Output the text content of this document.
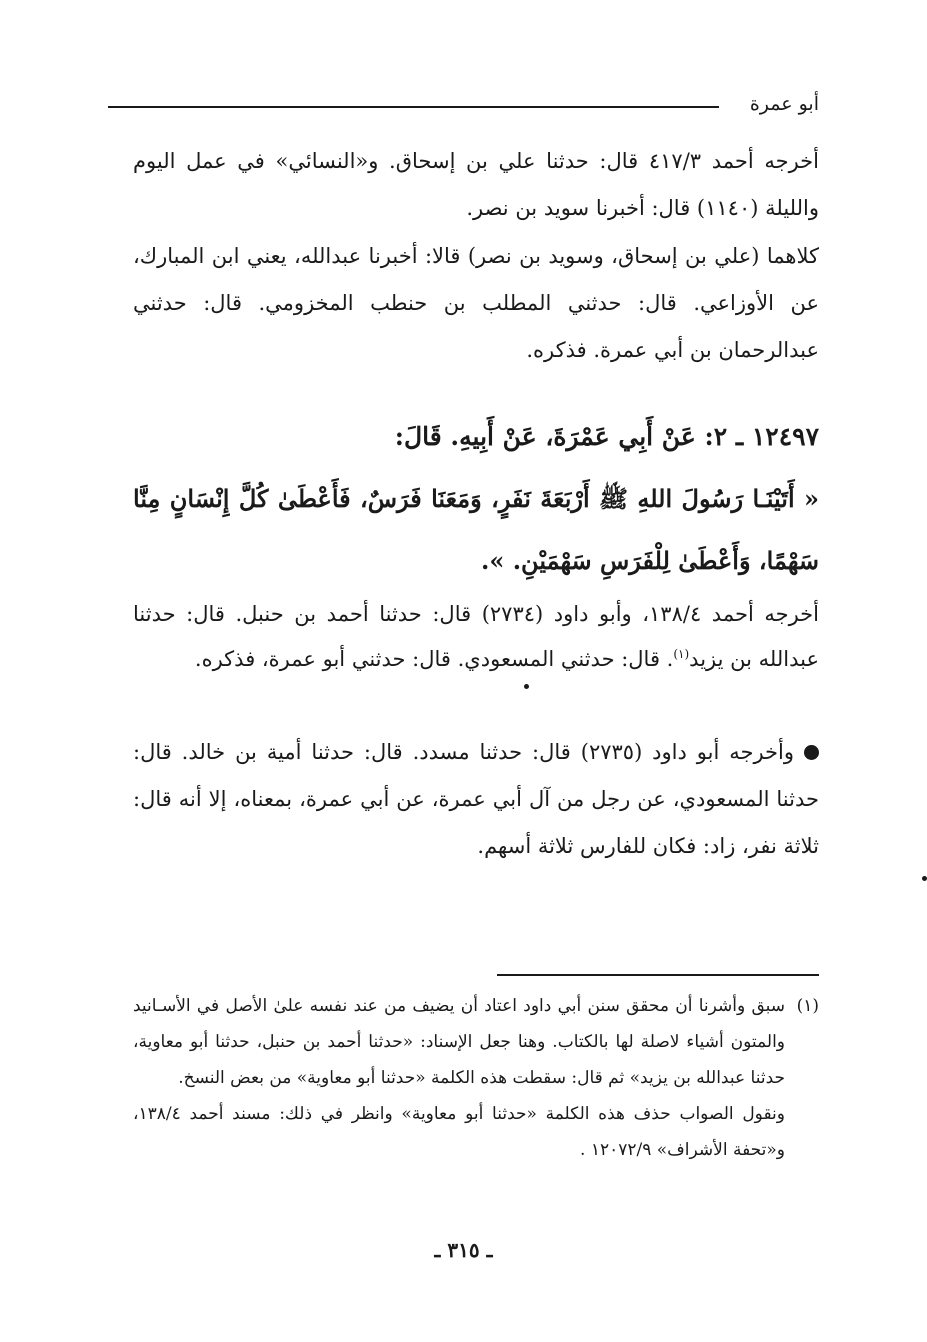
أبو عمرة

أخرجه أحمد ٤١٧/٣ قال: حدثنا علي بن إسحاق. و«النسائي» في عمل اليوم والليلة (١١٤٠) قال: أخبرنا سويد بن نصر.

كلاهما (علي بن إسحاق، وسويد بن نصر) قالا: أخبرنا عبدالله، يعني ابن المبارك، عن الأوزاعي. قال: حدثني المطلب بن حنطب المخزومي. قال: حدثني عبدالرحمان بن أبي عمرة. فذكره.

١٢٤٩٧ ـ ٢: عَنْ أَبِي عَمْرَةَ، عَنْ أَبِيهِ. قَالَ:

« أَتَيْنَـا رَسُولَ اللهِ ﷺ أَرْبَعَةَ نَفَرٍ، وَمَعَنَا فَرَسٌ، فَأَعْطَىٰ كُلَّ إِنْسَانٍ مِنَّا سَهْمًا، وَأَعْطَىٰ لِلْفَرَسِ سَهْمَيْنِ. ».

أخرجه أحمد ١٣٨/٤، وأبو داود (٢٧٣٤) قال: حدثنا أحمد بن حنبل. قال: حدثنا عبدالله بن يزيد$^{(١)}$. قال: حدثني المسعودي. قال: حدثني أبو عمرة، فذكره.

وأخرجه أبو داود (٢٧٣٥) قال: حدثنا مسدد. قال: حدثنا أمية بن خالد. قال: حدثنا المسعودي، عن رجل من آل أبي عمرة، عن أبي عمرة، بمعناه، إلا أنه قال: ثلاثة نفر، زاد: فكان للفارس ثلاثة أسهم.

(١)
سبق وأشرنا أن محقق سنن أبي داود اعتاد أن يضيف من عند نفسه علىٰ الأصل في الأسـانيد والمتون أشياء لاصلة لها بالكتاب. وهنا جعل الإسناد: «حدثنا أحمد بن حنبل، حدثنا أبو معاوية، حدثنا عبدالله بن يزيد» ثم قال: سقطت هذه الكلمة «حدثنا أبو معاوية» من بعض النسخ.
ونقول الصواب حذف هذه الكلمة «حدثنا أبو معاوية» وانظر في ذلك: مسند أحمد ١٣٨/٤، و«تحفة الأشراف» ١٢٠٧٢/٩ .
ـ ٣١٥ ـ
